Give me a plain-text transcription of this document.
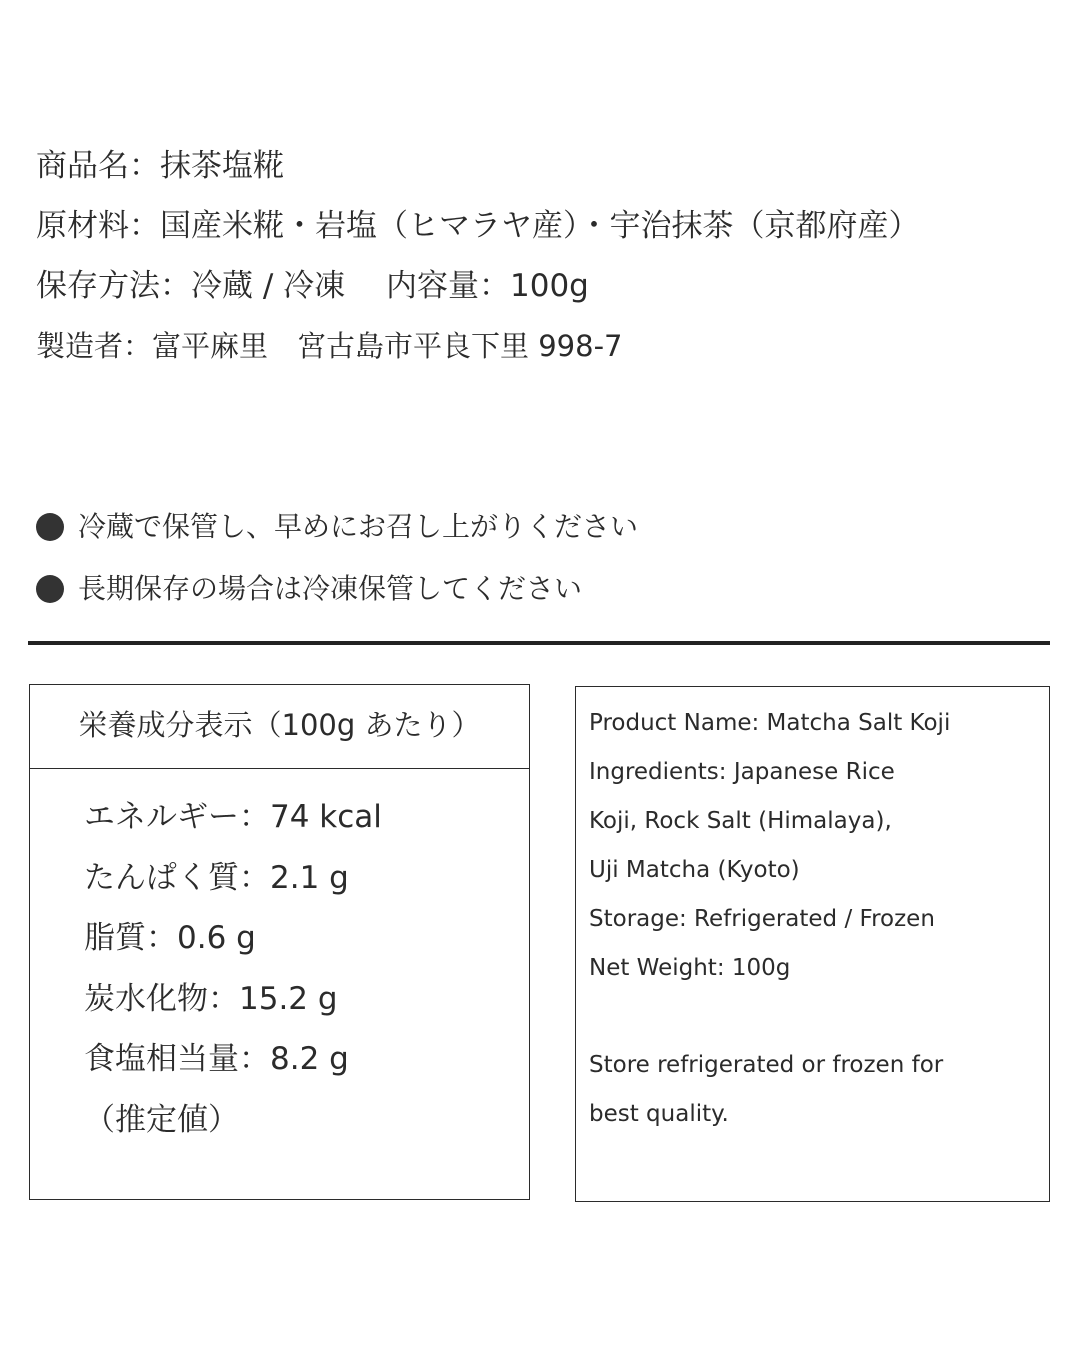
商品名：抹茶塩糀
原材料：国産米糀・岩塩（ヒマラヤ産）・宇治抹茶（京都府産）
保存方法：冷蔵 / 冷凍　 内容量：100g
製造者：富平麻里　宮古島市平良下里 998-7
冷蔵で保管し、早めにお召し上がりください
長期保存の場合は冷凍保管してください
栄養成分表示（100g あたり）
エネルギー：74 kcal
たんぱく質：2.1 g
脂質：0.6 g
炭水化物：15.2 g
食塩相当量：8.2 g
（推定値）
Product Name: Matcha Salt Koji
Ingredients: Japanese Rice
Koji, Rock Salt (Himalaya),
Uji Matcha (Kyoto)
Storage: Refrigerated / Frozen
Net Weight: 100g
Store refrigerated or frozen for
best quality.
